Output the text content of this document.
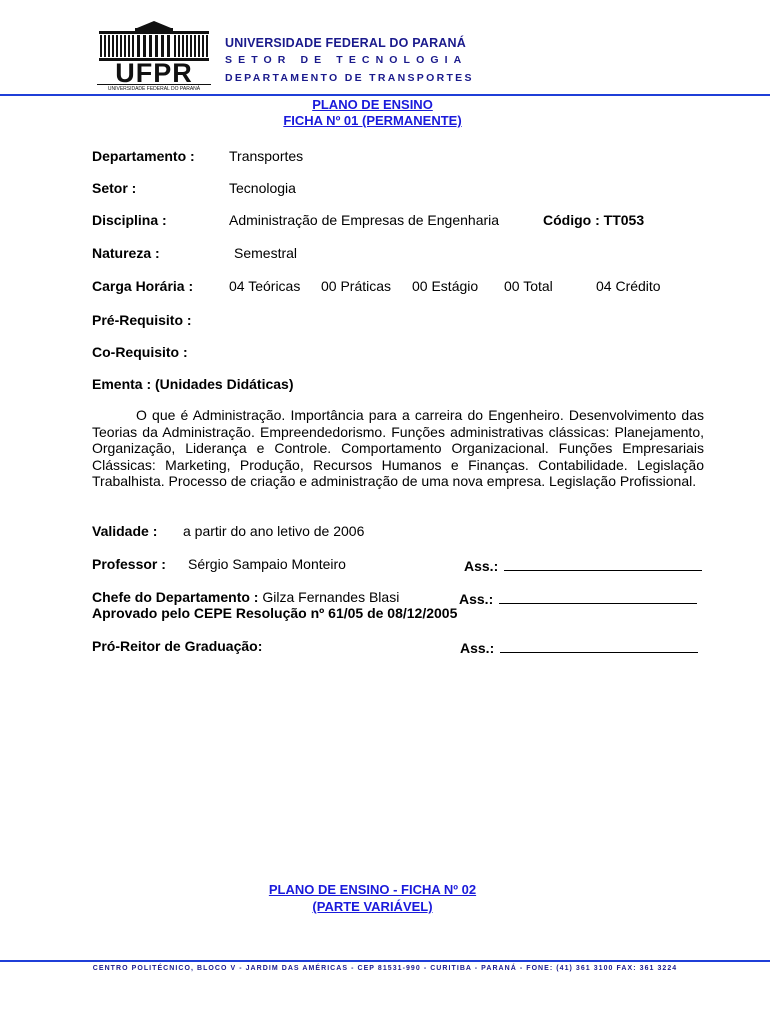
UFPR
UNIVERSIDADE FEDERAL DO PARANÁ
UNIVERSIDADE FEDERAL DO PARANÁ
SETOR DE TECNOLOGIA
DEPARTAMENTO DE TRANSPORTES
PLANO DE ENSINO
FICHA Nº 01 (PERMANENTE)
Departamento : Transportes
Setor :	Tecnologia
Disciplina :	Administração de Empresas de Engenharia	Código : TT053
Natureza :	Semestral
Carga Horária :	04 Teóricas 00 Práticas 00 Estágio 00 Total	04 Crédito
Pré-Requisito :
Co-Requisito :
Ementa : (Unidades Didáticas)
O que é Administração. Importância para a carreira do Engenheiro. Desenvolvimento das Teorias da Administração. Empreendedorismo. Funções administrativas clássicas: Planejamento, Organização, Liderança e Controle. Comportamento Organizacional. Funções Empresariais Clássicas: Marketing, Produção, Recursos Humanos e Finanças. Contabilidade. Legislação Trabalhista. Processo de criação e administração de uma nova empresa. Legislação Profissional.
Validade : a partir do ano letivo de 2006
Professor : Sérgio Sampaio Monteiro	Ass.:
Chefe do Departamento : Gilza Fernandes Blasi	Ass.:
Aprovado pelo CEPE Resolução nº 61/05 de 08/12/2005
Pró-Reitor de Graduação:	Ass.:
PLANO DE ENSINO - FICHA Nº 02
(PARTE VARIÁVEL)
CENTRO POLITÉCNICO, BLOCO V - JARDIM DAS AMÉRICAS - CEP 81531-990 - CURITIBA - PARANÁ - FONE: (41) 361 3100 FAX: 361 3224
